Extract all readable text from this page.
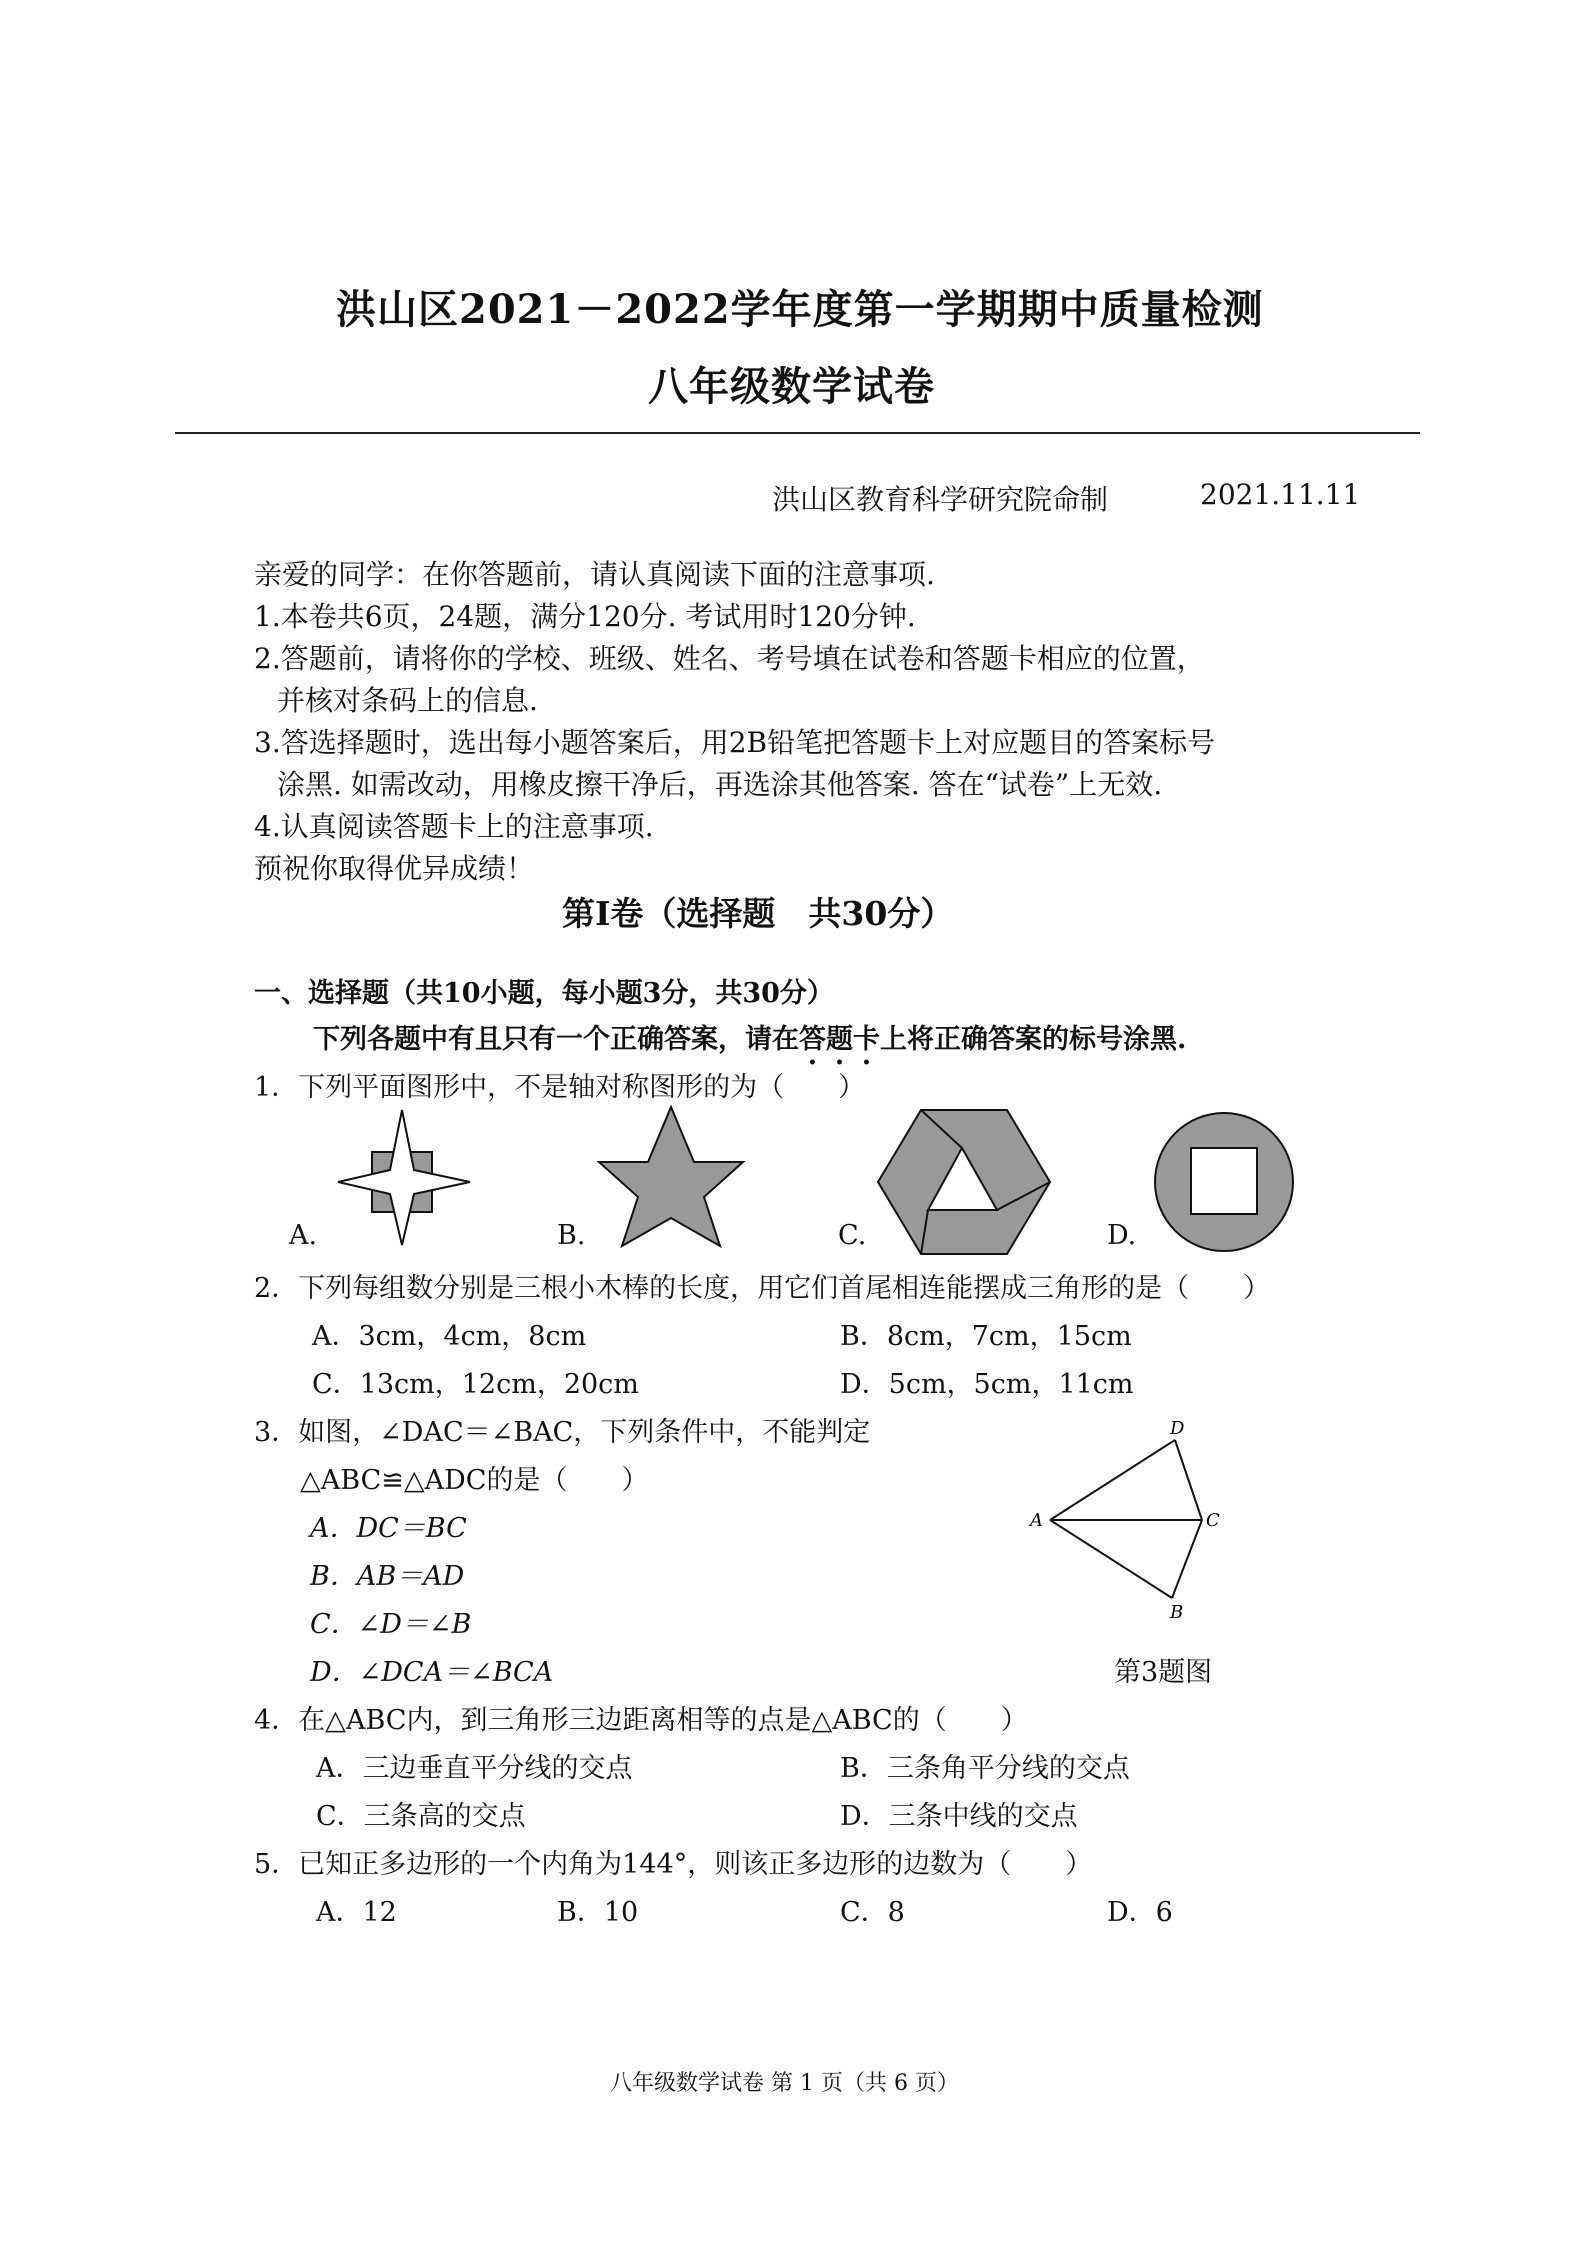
洪山区2021－2022学年度第一学期期中质量检测
八年级数学试卷
洪山区教育科学研究院命制	2021.11.11
亲爱的同学：在你答题前，请认真阅读下面的注意事项.
1.本卷共6页，24题，满分120分. 考试用时120分钟.
2.答题前，请将你的学校、班级、姓名、考号填在试卷和答题卡相应的位置，
并核对条码上的信息.
3.答选择题时，选出每小题答案后，用2B铅笔把答题卡上对应题目的答案标号
涂黑. 如需改动，用橡皮擦干净后，再选涂其他答案. 答在“试卷”上无效.
4.认真阅读答题卡上的注意事项.
预祝你取得优异成绩！
第Ⅰ卷（选择题　共30分）
一、选择题（共10小题，每小题3分，共30分）
下列各题中有且只有一个正确答案，请在答题卡上将正确答案的标号涂黑.
1．下列平面图形中，不是轴对称图形的为（　　）
A.	B.	C.	D.
2．下列每组数分别是三根小木棒的长度，用它们首尾相连能摆成三角形的是（　　）
A．3cm，4cm，8cm	B．8cm，7cm，15cm
C．13cm，12cm，20cm	D．5cm，5cm，11cm
3．如图，∠DAC＝∠BAC，下列条件中，不能判定
△ABC≌△ADC的是（　　）
A．DC＝BC
B．AB＝AD
C．∠D＝∠B
D．∠DCA＝∠BCA
A
B
C
D
第3题图
4．在△ABC内，到三角形三边距离相等的点是△ABC的（　　）
A．三边垂直平分线的交点	B．三条角平分线的交点
C．三条高的交点	D．三条中线的交点
5．已知正多边形的一个内角为144°，则该正多边形的边数为（　　）
A．12	B．10	C．8	D．6
八年级数学试卷 第 1 页（共 6 页）
